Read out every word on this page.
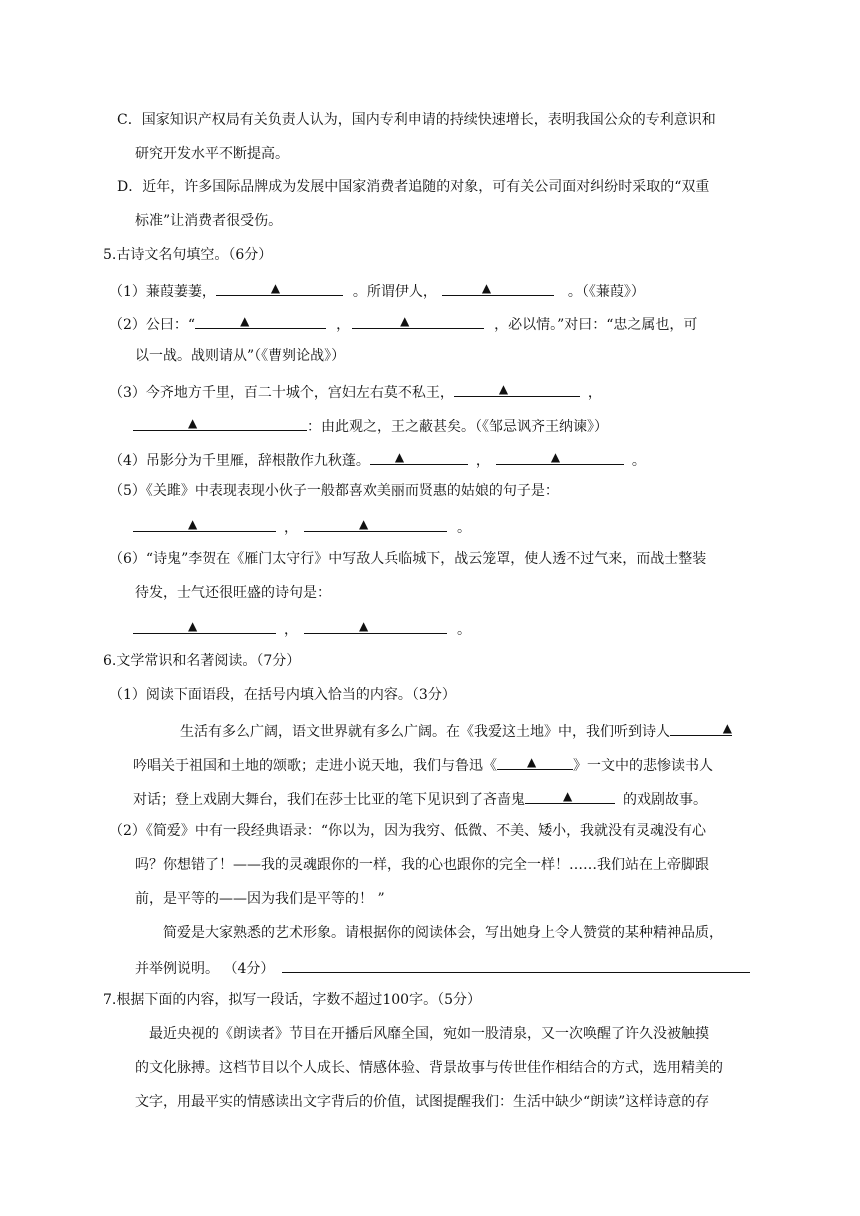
C．国家知识产权局有关负责人认为，国内专利申请的持续快速增长，表明我国公众的专利意识和
研究开发水平不断提高。
D．近年，许多国际品牌成为发展中国家消费者追随的对象，可有关公司面对纠纷时采取的“双重
标准”让消费者很受伤。
5.古诗文名句填空。（6分）
（1）蒹葭萋萋，	▲	。所谓伊人，	▲	。（《蒹葭》）
（2）公曰：“	▲	，	▲	，必以情。”对曰：“忠之属也，可
以一战。战则请从”（《曹刿论战》）
（3）今齐地方千里，百二十城个，宫妇左右莫不私王，	▲	，
▲	：由此观之，王之蔽甚矣。（《邹忌讽齐王纳谏》）
（4）吊影分为千里雁，辞根散作九秋蓬。 ▲	，	▲	。
（5）《关雎》中表现表现小伙子一般都喜欢美丽而贤惠的姑娘的句子是：
▲	，	▲	。
（6）“诗鬼”李贺在《雁门太守行》中写敌人兵临城下，战云笼罩，使人透不过气来，而战士整装
待发，士气还很旺盛的诗句是：
▲	，	▲	。
6.文学常识和名著阅读。（7分）
（1）阅读下面语段，在括号内填入恰当的内容。（3分）
生活有多么广阔，语文世界就有多么广阔。在《我爱这土地》中，我们听到诗人	▲
吟唱关于祖国和土地的颂歌；走进小说天地，我们与鲁迅《	▲	》一文中的悲惨读书人
对话；登上戏剧大舞台，我们在莎士比亚的笔下见识到了吝啬鬼	▲	的戏剧故事。
（2）《简爱》中有一段经典语录：“你以为，因为我穷、低微、不美、矮小，我就没有灵魂没有心
吗？你想错了！——我的灵魂跟你的一样，我的心也跟你的完全一样！……我们站在上帝脚跟
前，是平等的——因为我们是平等的！ ”
简爱是大家熟悉的艺术形象。请根据你的阅读体会，写出她身上令人赞赏的某种精神品质，
并举例说明。 （4分）
7.根据下面的内容，拟写一段话，字数不超过100字。（5分）
最近央视的《朗读者》节目在开播后风靡全国，宛如一股清泉，又一次唤醒了许久没被触摸
的文化脉搏。这档节目以个人成长、情感体验、背景故事与传世佳作相结合的方式，选用精美的
文字，用最平实的情感读出文字背后的价值，试图提醒我们：生活中缺少“朗读”这样诗意的存
